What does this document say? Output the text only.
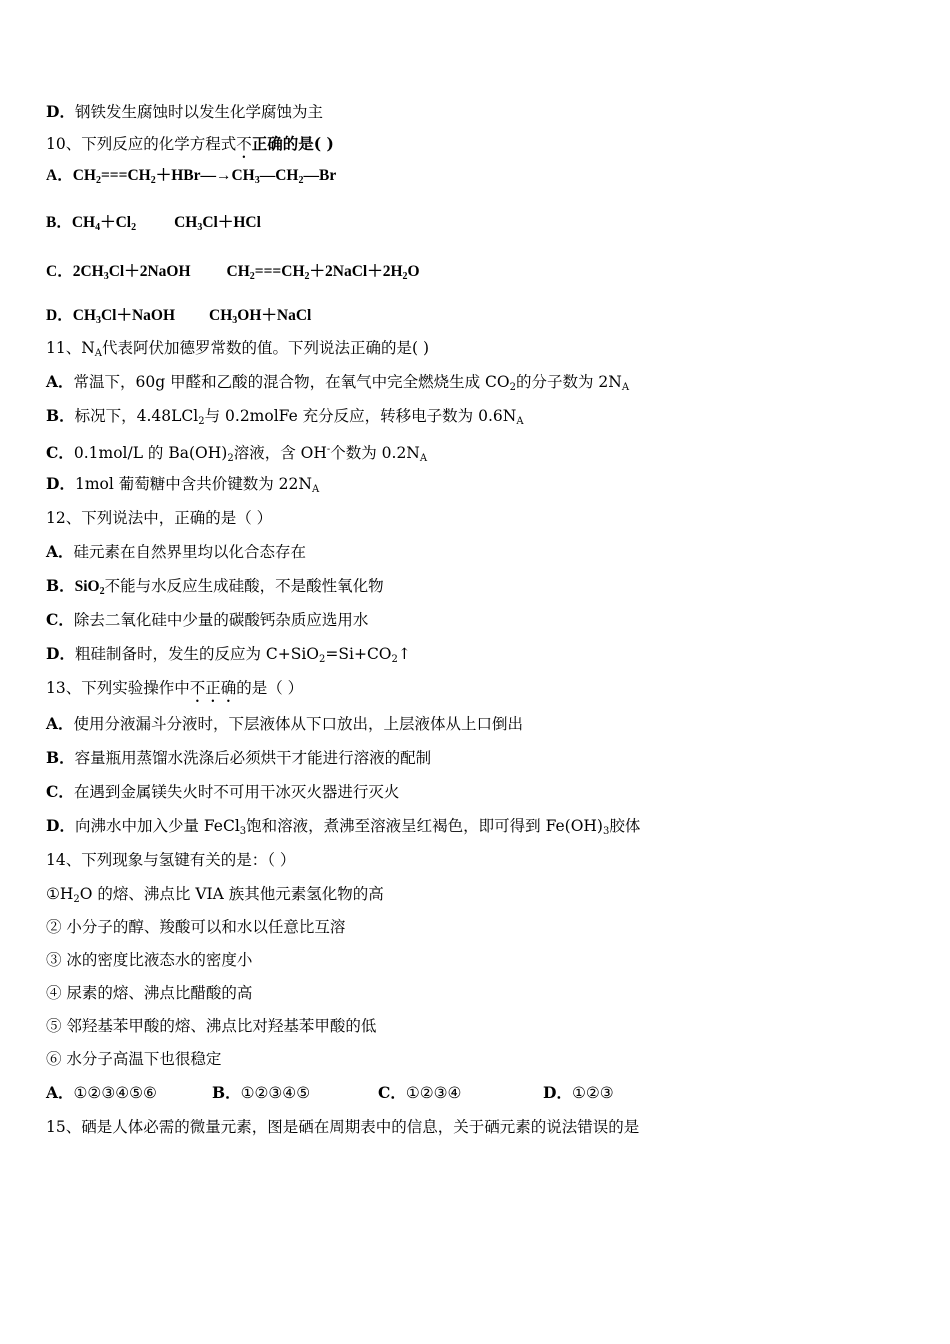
D．钢铁发生腐蚀时以发生化学腐蚀为主
10、下列反应的化学方程式不正确的是( )
A．$CH_2===CH_2+HBr—\to CH_3—CH_2—Br$
B．$CH_4+Cl_2$ $CH_3Cl+HCl$
C．$2CH_3Cl+2NaOH$ $CH_2===CH_2+2NaCl+2H_2O$
D．$CH_3Cl+NaOH$ $CH_3OH+NaCl$
11、$N_A$代表阿伏加德罗常数的值。下列说法正确的是( )
A．常温下，60g 甲醛和乙酸的混合物，在氧气中完全燃烧生成 $CO_2$的分子数为 $2N_A$
B．标况下，4.48LCl$_2$与 0.2molFe 充分反应，转移电子数为 $0.6N_A$
C．0.1mol/L 的 $Ba(OH)_2$溶液，含 OH-个数为 $0.2N_A$
D．1mol 葡萄糖中含共价键数为 $22N_A$
12、下列说法中，正确的是（ ）
A．硅元素在自然界里均以化合态存在
B．SiO$_2$不能与水反应生成硅酸，不是酸性氧化物
C．除去二氧化硅中少量的碳酸钙杂质应选用水
D．粗硅制备时，发生的反应为 $C+SiO_2=Si+CO_2↑$
13、下列实验操作中不正确的是（ ）
A．使用分液漏斗分液时，下层液体从下口放出，上层液体从上口倒出
B．容量瓶用蒸馏水洗涤后必须烘干才能进行溶液的配制
C．在遇到金属镁失火时不可用干冰灭火器进行灭火
D．向沸水中加入少量 FeCl$_3$饱和溶液，煮沸至溶液呈红褐色，即可得到 $Fe(OH)_3$胶体
14、下列现象与氢键有关的是：（ ）
$①H_2O$ 的熔、沸点比 VIA 族其他元素氢化物的高
② 小分子的醇、羧酸可以和水以任意比互溶
③ 冰的密度比液态水的密度小
④ 尿素的熔、沸点比醋酸的高
⑤ 邻羟基苯甲酸的熔、沸点比对羟基苯甲酸的低
⑥ 水分子高温下也很稳定
A．①②③④⑤⑥	B．①②③④⑤	C．①②③④	D．①②③
15、硒是人体必需的微量元素，图是硒在周期表中的信息，关于硒元素的说法错误的是
